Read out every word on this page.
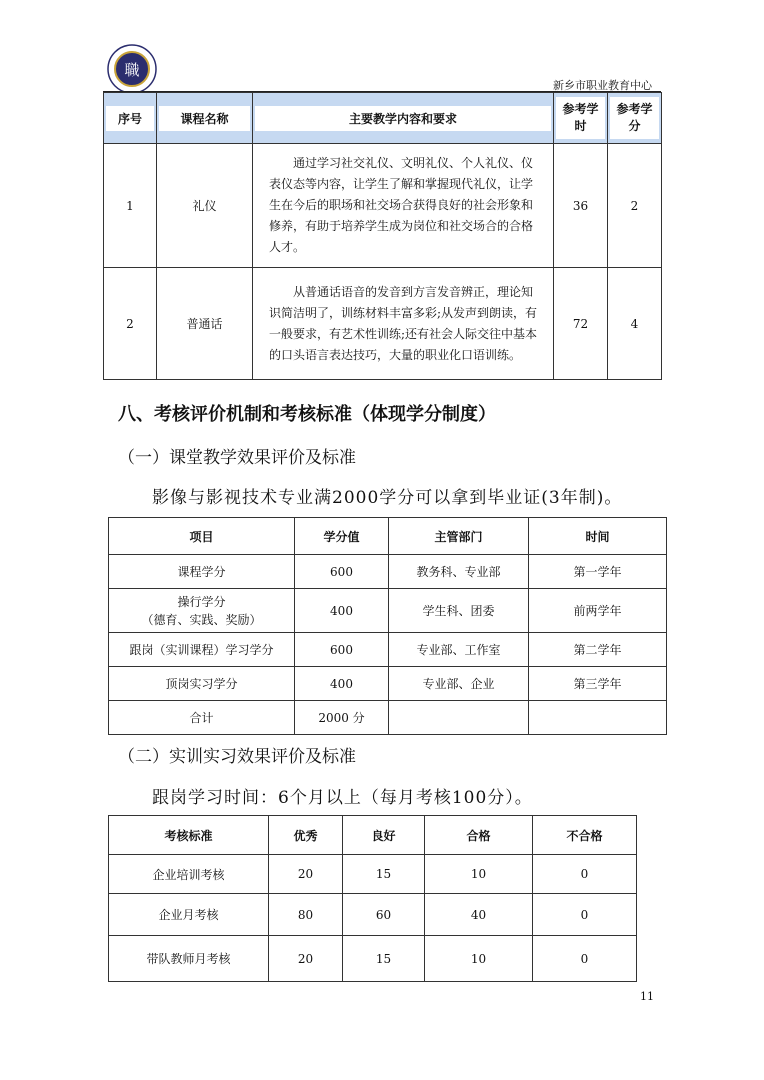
職
新乡市职业教育中心
序号	课程名称	主要教学内容和要求	参考学时	参考学分

1	礼仪	通过学习社交礼仪、文明礼仪、个人礼仪、仪表仪态等内容，让学生了解和掌握现代礼仪，让学生在今后的职场和社交场合获得良好的社会形象和修养，有助于培养学生成为岗位和社交场合的合格人才。	36	2
2	普通话	从普通话语音的发音到方言发音辨正，理论知识简洁明了，训练材料丰富多彩;从发声到朗读，有一般要求，有艺术性训练;还有社会人际交往中基本的口头语言表达技巧，大量的职业化口语训练。	72	4
八、考核评价机制和考核标准（体现学分制度）
（一）课堂教学效果评价及标准
影像与影视技术专业满2000学分可以拿到毕业证(3年制)。
项目	学分值	主管部门	时间
课程学分	600	教务科、专业部	第一学年
操行学分
（德育、实践、奖励）	400	学生科、团委	前两学年
跟岗（实训课程）学习学分	600	专业部、工作室	第二学年
顶岗实习学分	400	专业部、企业	第三学年
合计	2000 分		
（二）实训实习效果评价及标准
跟岗学习时间：6个月以上（每月考核100分）。
考核标准	优秀	良好	合格	不合格
企业培训考核	20	15	10	0
企业月考核	80	60	40	0
带队教师月考核	20	15	10	0
11
